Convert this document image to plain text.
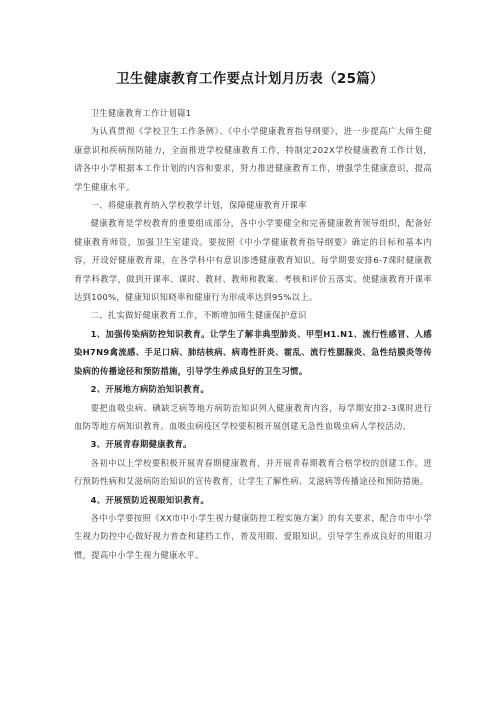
卫生健康教育工作要点计划月历表（25篇）

卫生健康教育工作计划篇1

为认真贯彻《学校卫生工作条例》、《中小学健康教育指导纲要》，进一步提高广大师生健康意识和疾病预防能力，全面推进学校健康教育工作，特制定202X学校健康教育工作计划，请各中小学根据本工作计划的内容和要求，努力推进健康教育工作，增强学生健康意识，提高学生健康水平。

一、将健康教育纳入学校教学计划，保障健康教育开课率

健康教育是学校教育的重要组成部分，各中小学要健全和完善健康教育领导组织，配备好健康教育师资，加强卫生室建设。要按照《中小学健康教育指导纲要》确定的目标和基本内容，开设好健康教育课，在各学科中有意识渗透健康教育知识。每学期要安排6-7课时健康教育学科教学，做到开课率、课时、教材、教师和教案、考核和评价五落实。使健康教育开课率达到100%，健康知识知晓率和健康行为形成率达到95%以上。

二、扎实做好健康教育工作，不断增加师生健康保护意识

1、加强传染病防控知识教育。让学生了解非典型肺炎、甲型H1.N1、流行性感冒、人感染H7N9禽流感、手足口病、肺结核病、病毒性肝炎、霍乱、流行性腮腺炎、急性结膜炎等传染病的传播途径和预防措施，引导学生养成良好的卫生习惯。

2、开展地方病防治知识教育。

要把血吸虫病、碘缺乏病等地方病防治知识列入健康教育内容，每学期安排2-3课时进行血防等地方病知识教育。血吸虫病疫区学校要积极开展创建无急性血吸虫病人学校活动。

3、开展青春期健康教育。

各初中以上学校要积极开展青春期健康教育，并开展青春期教育合格学校的创建工作。进行预防性病和艾滋病防治知识的宣传教育，让学生了解性病、艾滋病等传播途径和预防措施。

4、开展预防近视眼知识教育。

各中小学要按照《XX市中小学生视力健康防控工程实施方案》的有关要求，配合市中小学生视力防控中心做好视力普查和建档工作，普及用眼、爱眼知识，引导学生养成良好的用眼习惯，提高中小学生视力健康水平。
